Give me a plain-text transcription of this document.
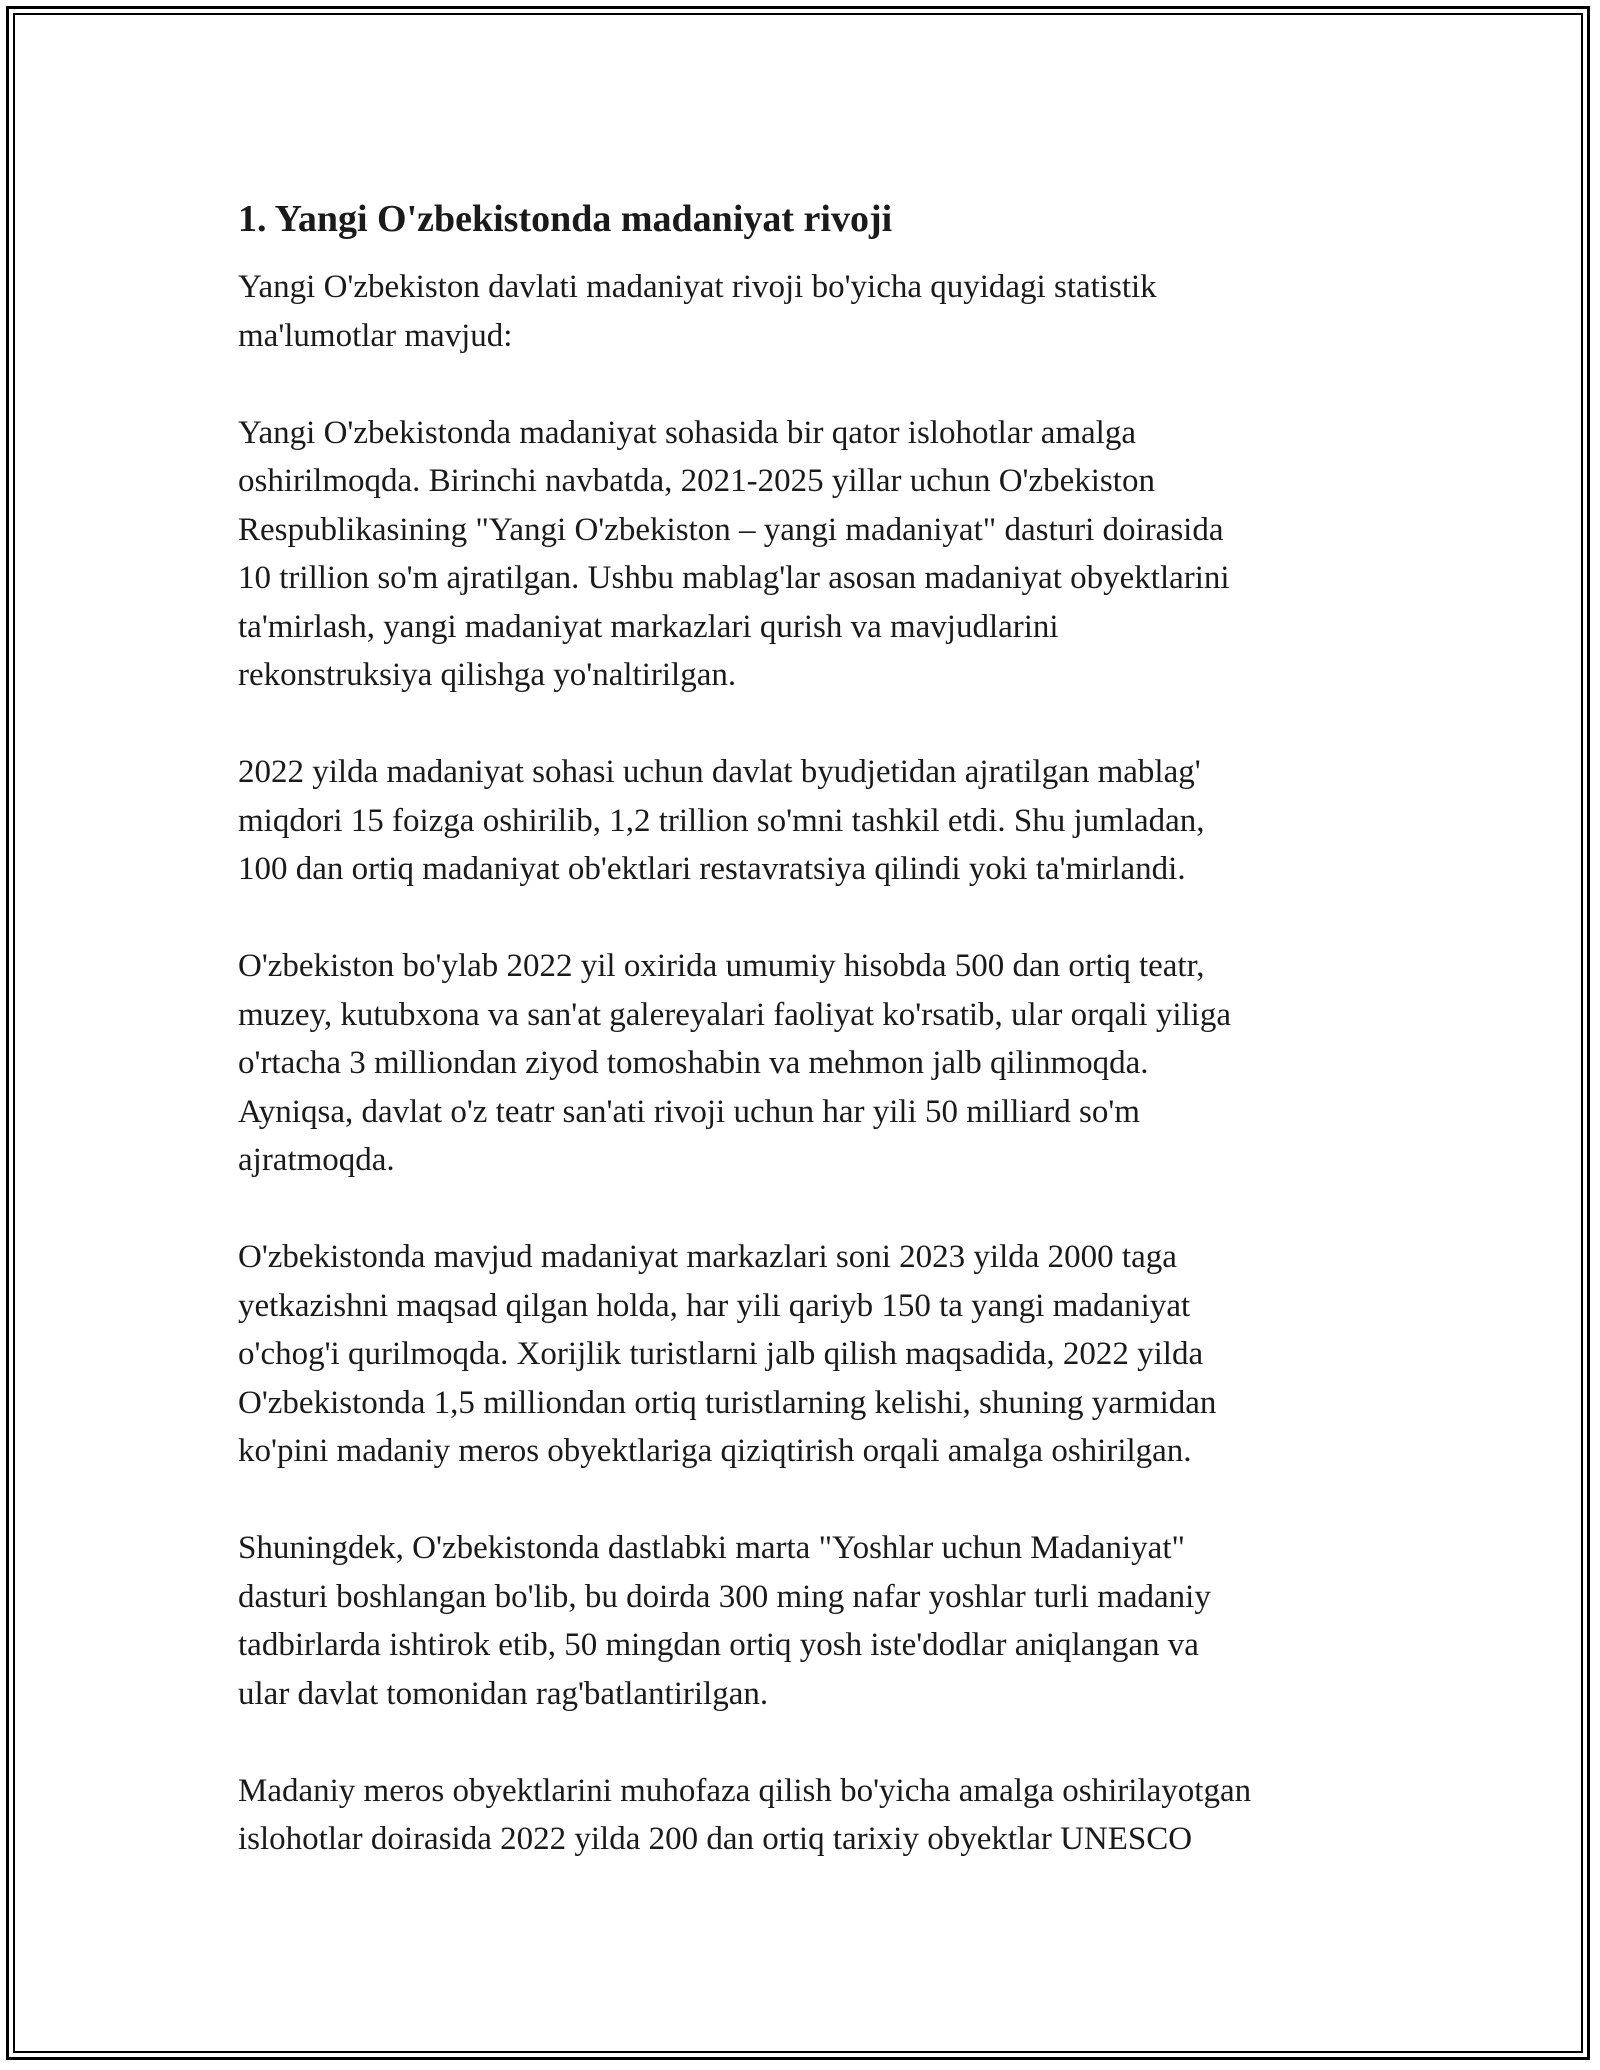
1. Yangi O'zbekistonda madaniyat rivoji

Yangi O'zbekiston davlati madaniyat rivoji bo'yicha quyidagi statistik
ma'lumotlar mavjud:

Yangi O'zbekistonda madaniyat sohasida bir qator islohotlar amalga
oshirilmoqda. Birinchi navbatda, 2021-2025 yillar uchun O'zbekiston
Respublikasining "Yangi O'zbekiston – yangi madaniyat" dasturi doirasida
10 trillion so'm ajratilgan. Ushbu mablag'lar asosan madaniyat obyektlarini
ta'mirlash, yangi madaniyat markazlari qurish va mavjudlarini
rekonstruksiya qilishga yo'naltirilgan.

2022 yilda madaniyat sohasi uchun davlat byudjetidan ajratilgan mablag'
miqdori 15 foizga oshirilib, 1,2 trillion so'mni tashkil etdi. Shu jumladan,
100 dan ortiq madaniyat ob'ektlari restavratsiya qilindi yoki ta'mirlandi.

O'zbekiston bo'ylab 2022 yil oxirida umumiy hisobda 500 dan ortiq teatr,
muzey, kutubxona va san'at galereyalari faoliyat ko'rsatib, ular orqali yiliga
o'rtacha 3 milliondan ziyod tomoshabin va mehmon jalb qilinmoqda.
Ayniqsa, davlat o'z teatr san'ati rivoji uchun har yili 50 milliard so'm
ajratmoqda.

O'zbekistonda mavjud madaniyat markazlari soni 2023 yilda 2000 taga
yetkazishni maqsad qilgan holda, har yili qariyb 150 ta yangi madaniyat
o'chog'i qurilmoqda. Xorijlik turistlarni jalb qilish maqsadida, 2022 yilda
O'zbekistonda 1,5 milliondan ortiq turistlarning kelishi, shuning yarmidan
ko'pini madaniy meros obyektlariga qiziqtirish orqali amalga oshirilgan.

Shuningdek, O'zbekistonda dastlabki marta "Yoshlar uchun Madaniyat"
dasturi boshlangan bo'lib, bu doirda 300 ming nafar yoshlar turli madaniy
tadbirlarda ishtirok etib, 50 mingdan ortiq yosh iste'dodlar aniqlangan va
ular davlat tomonidan rag'batlantirilgan.

Madaniy meros obyektlarini muhofaza qilish bo'yicha amalga oshirilayotgan
islohotlar doirasida 2022 yilda 200 dan ortiq tarixiy obyektlar UNESCO
